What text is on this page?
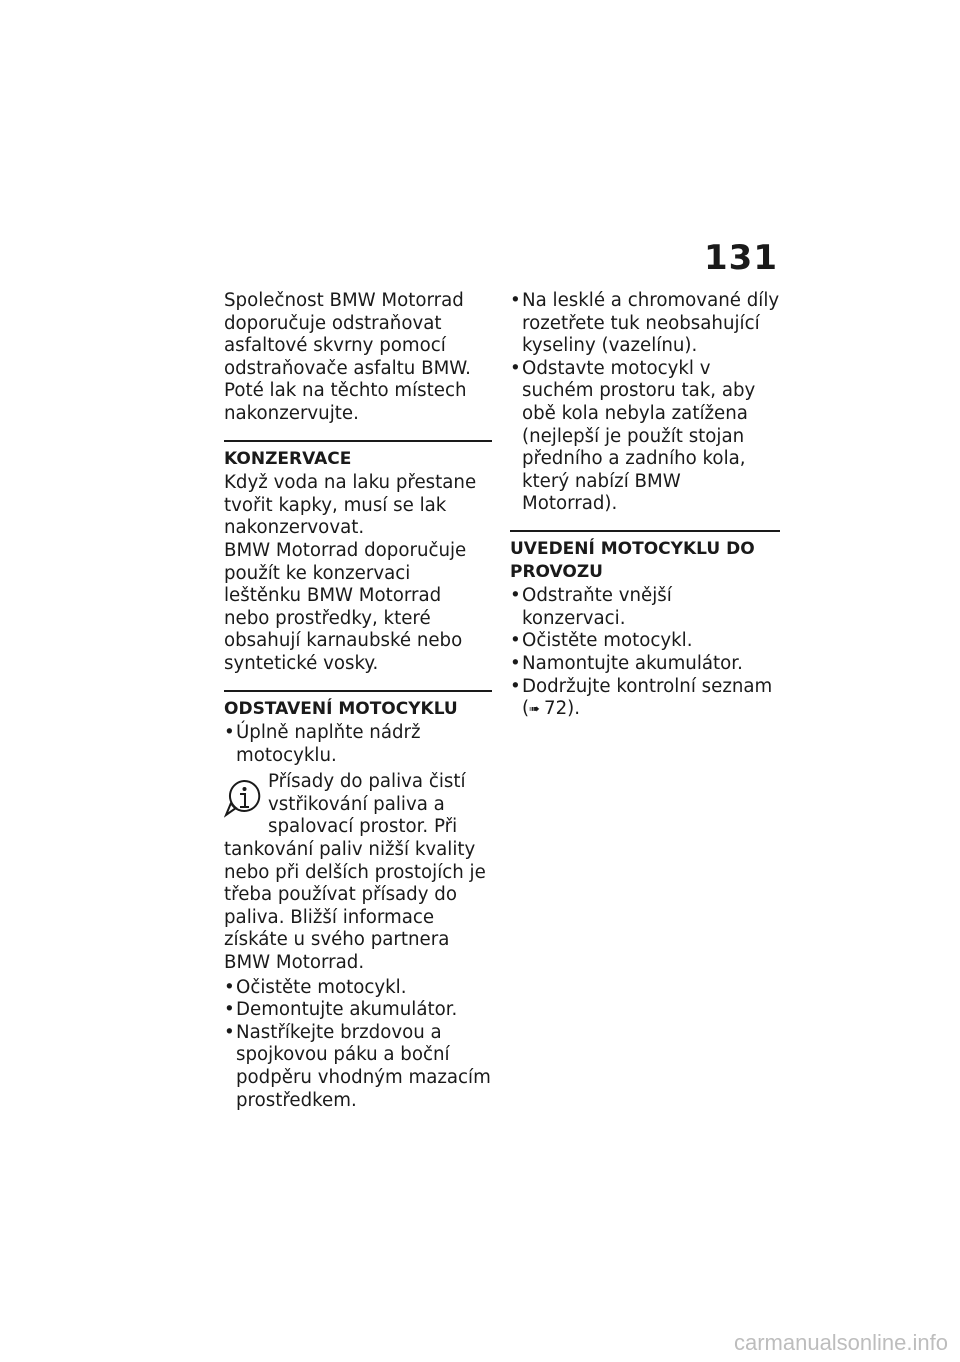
131

Společnost BMW Motorrad doporučuje odstraňovat asfaltové skvrny pomocí odstraňovače asfaltu BMW. Poté lak na těchto místech nakonzervujte.

KONZERVACE

Když voda na laku přestane tvořit kapky, musí se lak nakonzervovat.

BMW Motorrad doporučuje použít ke konzervaci leštěnku BMW Motorrad nebo prostředky, které obsahují karnaubské nebo syntetické vosky.

ODSTAVENÍ MOTOCYKLU
• Úplně naplňte nádrž motocyklu.
Přísady do paliva čistí vstřikování paliva a spalovací prostor. Při tankování paliv nižší kvality nebo při delších prostojích je třeba používat přísady do paliva. Bližší informace získáte u svého partnera BMW Motorrad.
• Očistěte motocykl.
• Demontujte akumulátor.
• Nastříkejte brzdovou a spojkovou páku a boční podpěru vhodným mazacím prostředkem.
• Na lesklé a chromované díly rozetřete tuk neobsahující kyseliny (vazelínu).
• Odstavte motocykl v suchém prostoru tak, aby obě kola nebyla zatížena (nejlepší je použít stojan předního a zadního kola, který nabízí BMW Motorrad).
UVEDENÍ MOTOCYKLU DO PROVOZU
• Odstraňte vnější konzervaci.
• Očistěte motocykl.
• Namontujte akumulátor.
• Dodržujte kontrolní seznam
(➠ 72).
carmanualsonline.info
